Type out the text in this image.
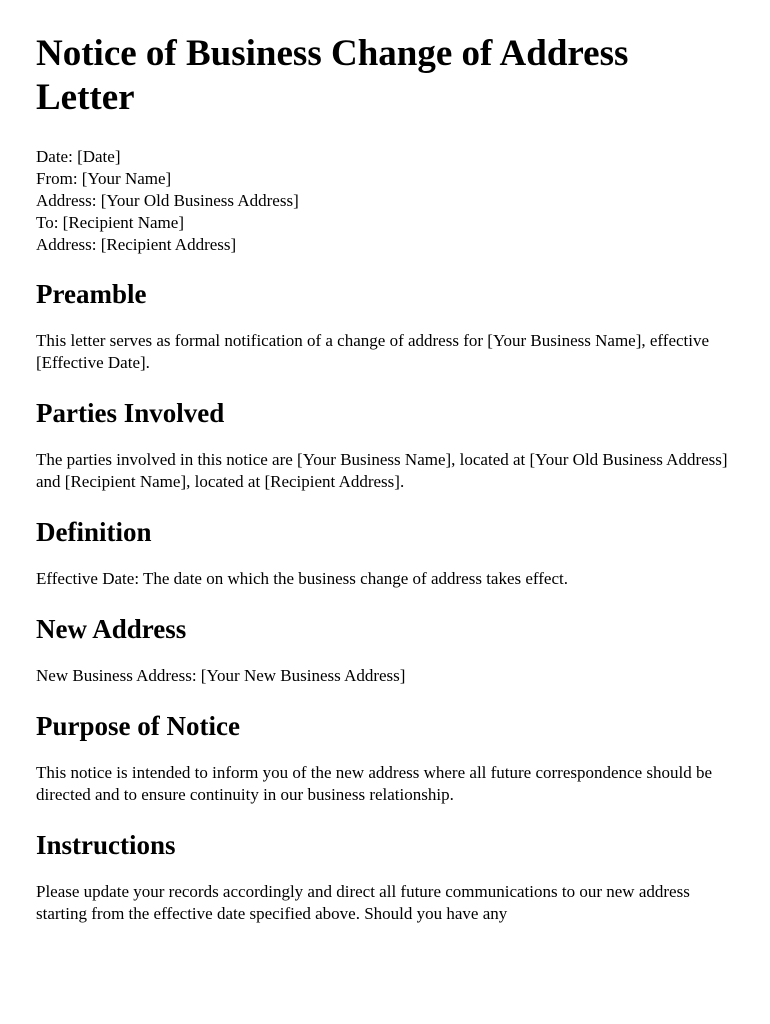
Notice of Business Change of Address Letter
Date: [Date]
From: [Your Name]
Address: [Your Old Business Address]
To: [Recipient Name]
Address: [Recipient Address]
Preamble

This letter serves as formal notification of a change of address for [Your Business Name], effective [Effective Date].

Parties Involved

The parties involved in this notice are [Your Business Name], located at [Your Old Business Address] and [Recipient Name], located at [Recipient Address].

Definition

Effective Date: The date on which the business change of address takes effect.

New Address

New Business Address: [Your New Business Address]

Purpose of Notice

This notice is intended to inform you of the new address where all future correspondence should be directed and to ensure continuity in our business relationship.

Instructions

Please update your records accordingly and direct all future communications to our new address starting from the effective date specified above. Should you have any
